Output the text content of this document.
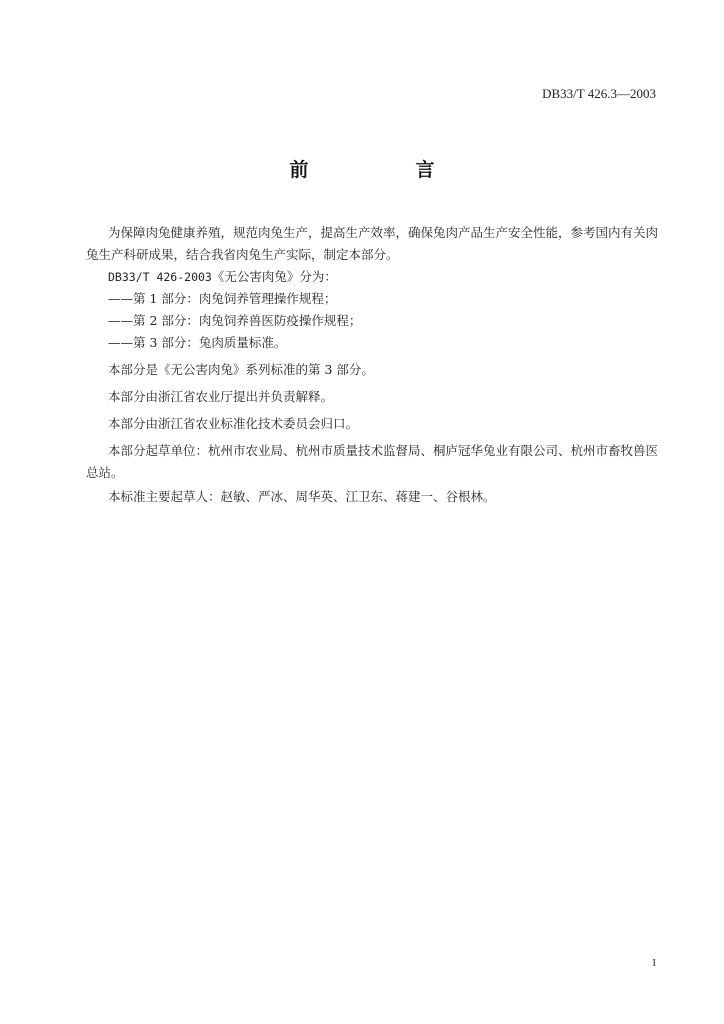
DB33/T 426.3—2003
前　言

为保障肉兔健康养殖，规范肉兔生产，提高生产效率，确保兔肉产品生产安全性能，参考国内有关肉兔生产科研成果，结合我省肉兔生产实际，制定本部分。

DB33/T 426-2003《无公害肉兔》分为：

——第 1 部分：肉兔饲养管理操作规程；

——第 2 部分：肉兔饲养兽医防疫操作规程；

——第 3 部分：兔肉质量标准。

本部分是《无公害肉兔》系列标准的第 3 部分。

本部分由浙江省农业厅提出并负责解释。

本部分由浙江省农业标准化技术委员会归口。

本部分起草单位：杭州市农业局、杭州市质量技术监督局、桐庐冠华兔业有限公司、杭州市畜牧兽医总站。

本标准主要起草人：赵敏、严冰、周华英、江卫东、蒋建一、谷根林。

I
